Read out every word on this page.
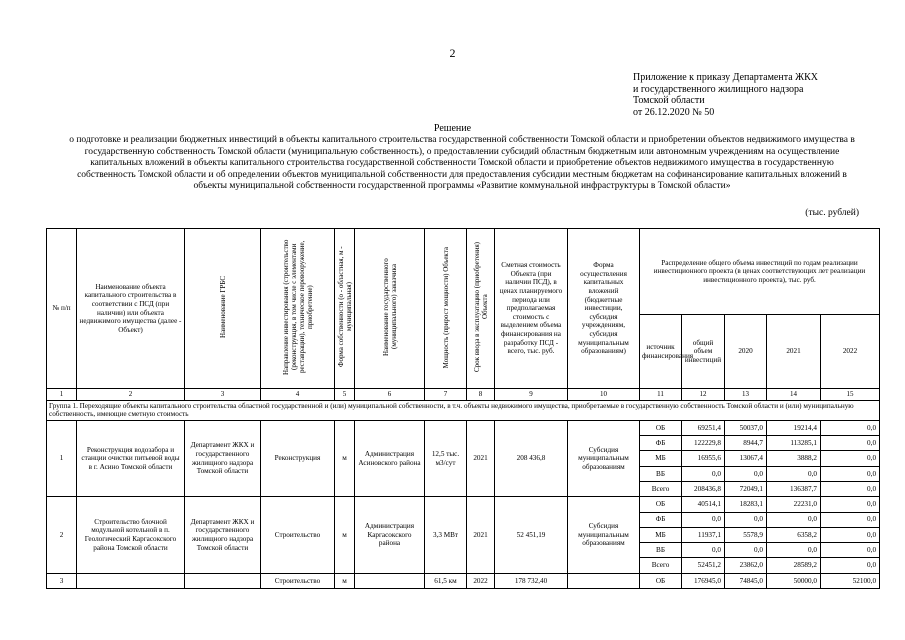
2
Приложение к приказу Департамента ЖКХ
и государственного жилищного надзора
Томской области
от 26.12.2020 № 50
Решение
о подготовке и реализации бюджетных инвестиций в объекты капитального строительства государственной собственности Томской области и приобретении объектов недвижимого имущества в государственную собственность Томской области (муниципальную собственность), о предоставлении субсидий областным бюджетным или автономным учреждениям на осуществление капитальных вложений в объекты капитального строительства государственной собственности Томской области и приобретение объектов недвижимого имущества в государственную собственность Томской области и об определении объектов муниципальной собственности для предоставления субсидии местным бюджетам на софинансирование капитальных вложений в объекты муниципальной собственности государственной программы «Развитие коммунальной инфраструктуры в Томской области»
(тыс. рублей)
№ п/п	Наименование объекта капитального строительства в соответствии с ПСД (при наличии) или объекта недвижимого имущества (далее - Объект)	Наименование ГРБС	Направление инвестирования (строительство (реконструкция, в том числе с элементами реставрации), техническое перевооружение, приобретение)	Форма собственности (о - областная, м - муниципальная)	Наименование государственного (муниципального) заказчика	Мощность (прирост мощности) Объекта	Срок ввода в эксплуатацию (приобретения) Объекта	Сметная стоимость Объекта (при наличии ПСД), в ценах планируемого периода или предполагаемая стоимость с выделением объема финансирования на разработку ПСД - всего, тыс. руб.	Форма осуществления капитальных вложений (бюджетные инвестиции, субсидия учреждениям, субсидия муниципальным образованиям)	Распределение общего объема инвестиций по годам реализации инвестиционного проекта (в ценах соответствующих лет реализации инвестиционного проекта), тыс. руб.				
										источник финансирования	общий объем инвестиций	2020	2021	2022
1	2	3	4	5	6	7	8	9	10	11	12	13	14	15
Группа 1. Переходящие объекты капитального строительства областной государственной и (или) муниципальной собственности, в т.ч. объекты недвижимого имущества, приобретаемые в государственную собственность Томской области и (или) муниципальную собственность, имеющие сметную стоимость														
1	Реконструкция водозабора и станции очистки питьевой воды в г. Асино Томской области	Департамент ЖКХ и государственного жилищного надзора Томской области	Реконструкция	м	Администрация Асиновского района	12,5 тыс. м3/сут	2021	208 436,8	Субсидия муниципальным образованиям	ОБ	69251,4	50037,0	19214,4	0,0
										ФБ	122229,8	8944,7	113285,1	0,0
										МБ	16955,6	13067,4	3888,2	0,0
										ВБ	0,0	0,0	0,0	0,0
										Всего	208436,8	72049,1	136387,7	0,0
2	Строительство блочной модульной котельной в п. Геологический Каргасокского района Томской области	Департамент ЖКХ и государственного жилищного надзора Томской области	Строительство	м	Администрация Каргасокского района	3,3 МВт	2021	52 451,19	Субсидия муниципальным образованиям	ОБ	40514,1	18283,1	22231,0	0,0
										ФБ	0,0	0,0	0,0	0,0
										МБ	11937,1	5578,9	6358,2	0,0
										ВБ	0,0	0,0	0,0	0,0
										Всего	52451,2	23862,0	28589,2	0,0
3			Строительство	м		61,5 км	2022	178 732,40		ОБ	176945,0	74845,0	50000,0	52100,0
